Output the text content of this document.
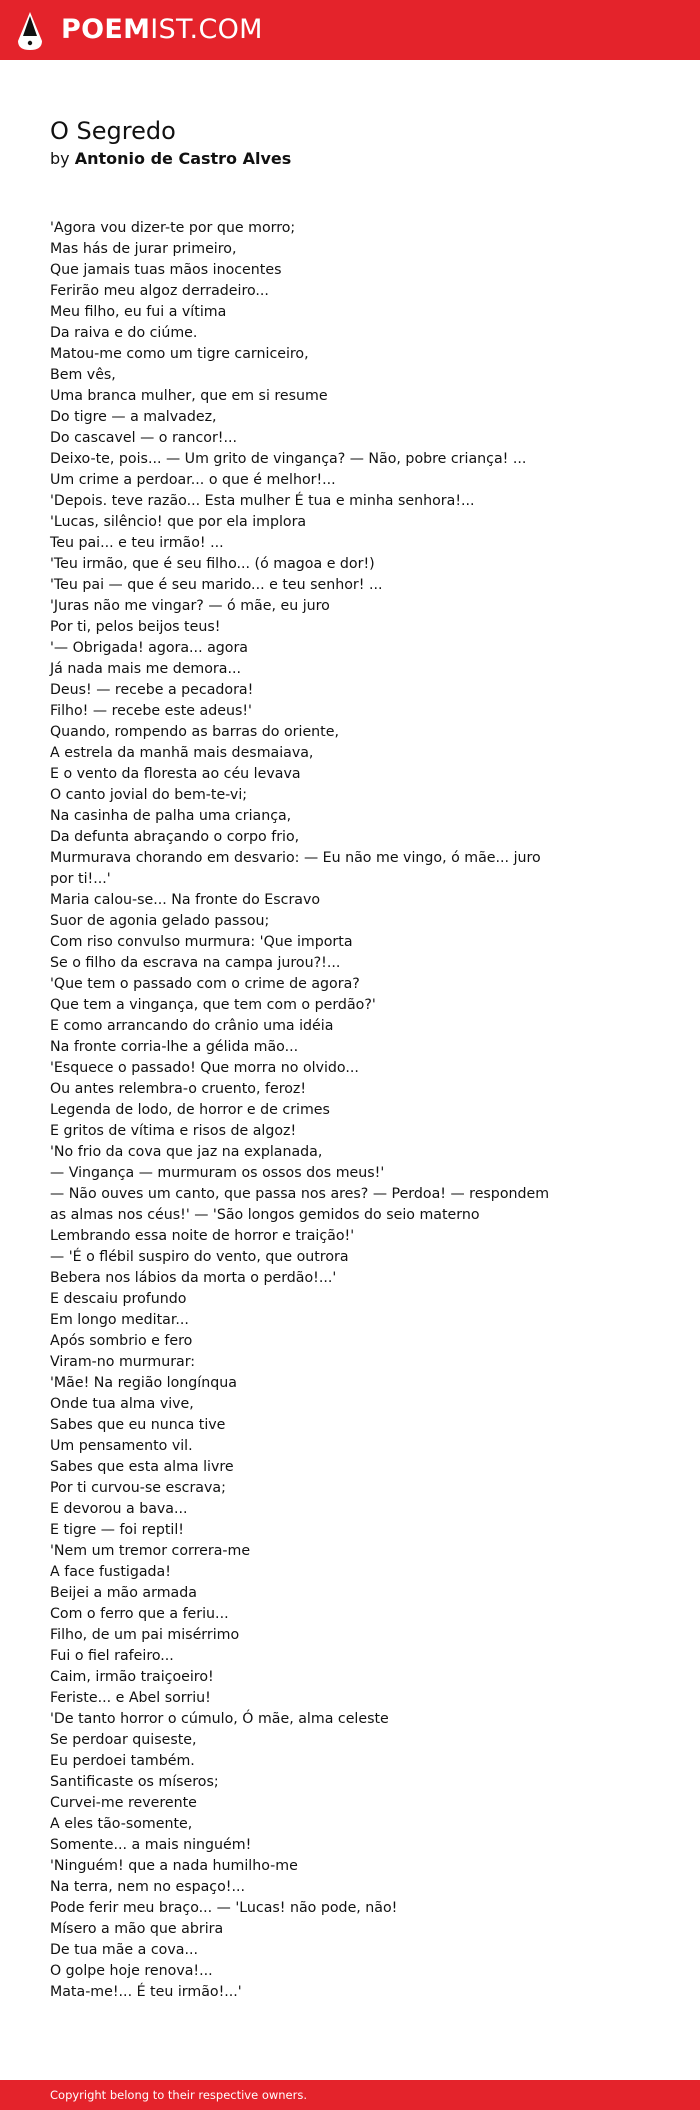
POEMIST.COM
O Segredo
by Antonio de Castro Alves
'Agora vou dizer-te por que morro;
Mas hás de jurar primeiro,
Que jamais tuas mãos inocentes
Ferirão meu algoz derradeiro...
Meu filho, eu fui a vítima
Da raiva e do ciúme.
Matou-me como um tigre carniceiro,
Bem vês,
Uma branca mulher, que em si resume
Do tigre — a malvadez,
Do cascavel — o rancor!...
Deixo-te, pois... — Um grito de vingança? — Não, pobre criança! ...
Um crime a perdoar... o que é melhor!...
'Depois. teve razão... Esta mulher É tua e minha senhora!...
'Lucas, silêncio! que por ela implora
Teu pai... e teu irmão! ...
'Teu irmão, que é seu filho... (ó magoa e dor!)
'Teu pai — que é seu marido... e teu senhor! ...
'Juras não me vingar? — ó mãe, eu juro
Por ti, pelos beijos teus!
'— Obrigada! agora... agora
Já nada mais me demora...
Deus! — recebe a pecadora!
Filho! — recebe este adeus!'
Quando, rompendo as barras do oriente,
A estrela da manhã mais desmaiava,
E o vento da floresta ao céu levava
O canto jovial do bem-te-vi;
Na casinha de palha uma criança,
Da defunta abraçando o corpo frio,
Murmurava chorando em desvario: — Eu não me vingo, ó mãe... juro por ti!...'
Maria calou-se... Na fronte do Escravo
Suor de agonia gelado passou;
Com riso convulso murmura: 'Que importa
Se o filho da escrava na campa jurou?!...
'Que tem o passado com o crime de agora?
Que tem a vingança, que tem com o perdão?'
E como arrancando do crânio uma idéia
Na fronte corria-lhe a gélida mão...
'Esquece o passado! Que morra no olvido...
Ou antes relembra-o cruento, feroz!
Legenda de lodo, de horror e de crimes
E gritos de vítima e risos de algoz!
'No frio da cova que jaz na explanada,
— Vingança — murmuram os ossos dos meus!'
— Não ouves um canto, que passa nos ares? — Perdoa! — respondem as almas nos céus!' — 'São longos gemidos do seio materno
Lembrando essa noite de horror e traição!'
— 'É o flébil suspiro do vento, que outrora
Bebera nos lábios da morta o perdão!...'
E descaiu profundo
Em longo meditar...
Após sombrio e fero
Viram-no murmurar:
'Mãe! Na região longínqua
Onde tua alma vive,
Sabes que eu nunca tive
Um pensamento vil.
Sabes que esta alma livre
Por ti curvou-se escrava;
E devorou a bava...
E tigre — foi reptil!
'Nem um tremor correra-me
A face fustigada!
Beijei a mão armada
Com o ferro que a feriu...
Filho, de um pai misérrimo
Fui o fiel rafeiro...
Caim, irmão traiçoeiro!
Feriste... e Abel sorriu!
'De tanto horror o cúmulo, Ó mãe, alma celeste
Se perdoar quiseste,
Eu perdoei também.
Santificaste os míseros;
Curvei-me reverente
A eles tão-somente,
Somente... a mais ninguém!
'Ninguém! que a nada humilho-me
Na terra, nem no espaço!...
Pode ferir meu braço... — 'Lucas! não pode, não!
Mísero a mão que abrira
De tua mãe a cova...
O golpe hoje renova!...
Mata-me!... É teu irmão!...'
Copyright belong to their respective owners.
